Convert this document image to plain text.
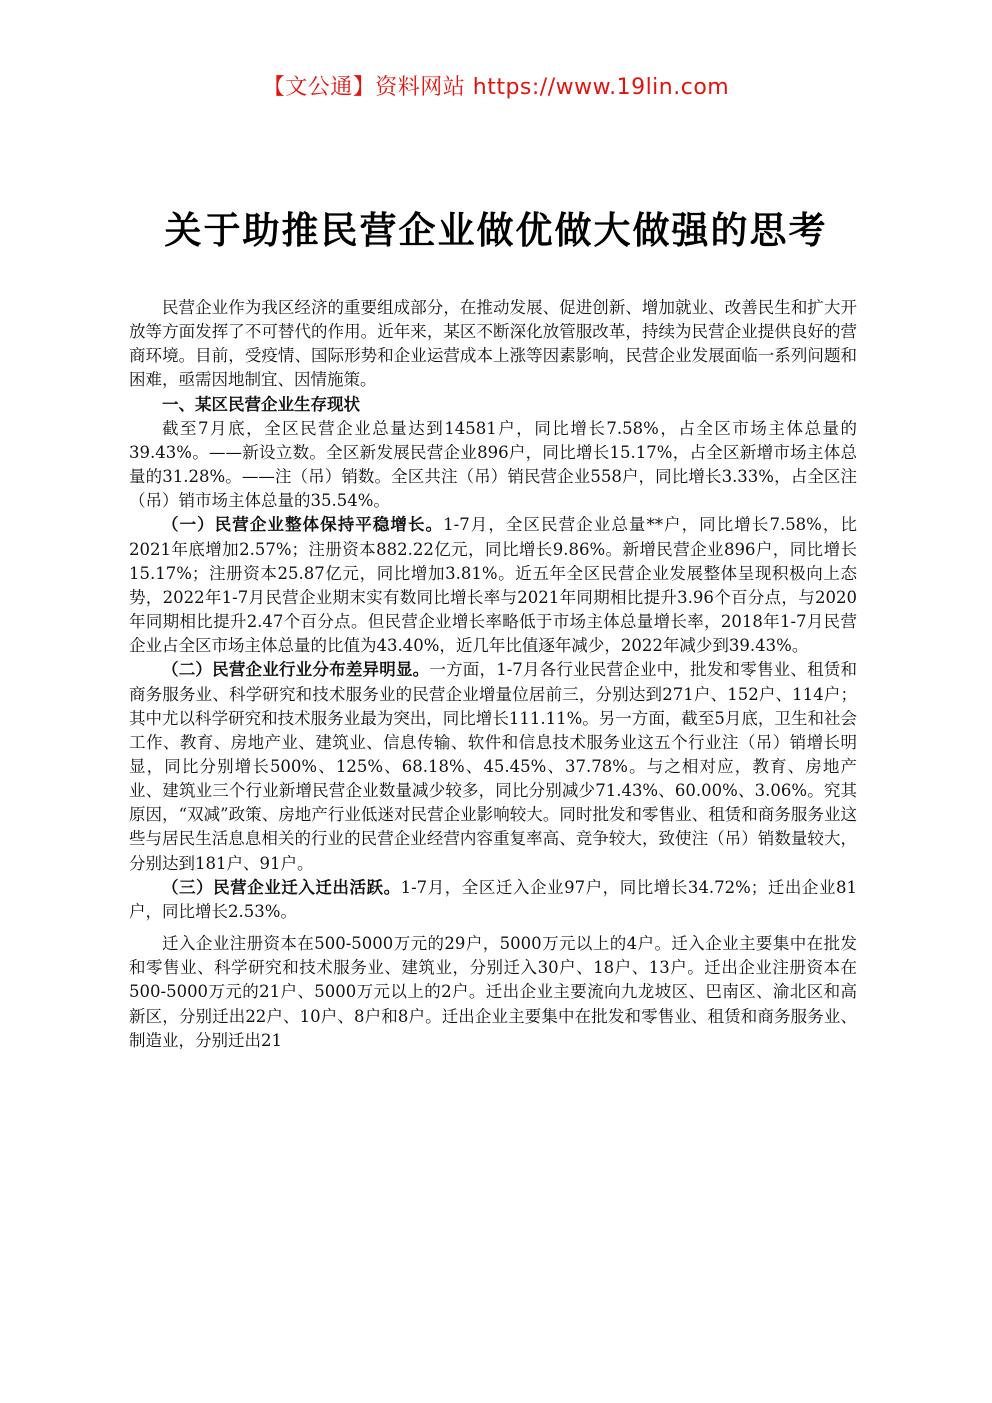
【文公通】资料网站 https://www.19lin.com
关于助推民营企业做优做大做强的思考

民营企业作为我区经济的重要组成部分，在推动发展、促进创新、增加就业、改善民生和扩大开放等方面发挥了不可替代的作用。近年来，某区不断深化放管服改革，持续为民营企业提供良好的营商环境。目前，受疫情、国际形势和企业运营成本上涨等因素影响，民营企业发展面临一系列问题和困难，亟需因地制宜、因情施策。

一、某区民营企业生存现状

截至7月底，全区民营企业总量达到14581户，同比增长7.58%，占全区市场主体总量的39.43%。——新设立数。全区新发展民营企业896户，同比增长15.17%，占全区新增市场主体总量的31.28%。——注（吊）销数。全区共注（吊）销民营企业558户，同比增长3.33%，占全区注（吊）销市场主体总量的35.54%。

（一）民营企业整体保持平稳增长。1-7月，全区民营企业总量**户，同比增长7.58%，比2021年底增加2.57%；注册资本882.22亿元，同比增长9.86%。新增民营企业896户，同比增长15.17%；注册资本25.87亿元，同比增加3.81%。近五年全区民营企业发展整体呈现积极向上态势，2022年1-7月民营企业期末实有数同比增长率与2021年同期相比提升3.96个百分点，与2020年同期相比提升2.47个百分点。但民营企业增长率略低于市场主体总量增长率，2018年1-7月民营企业占全区市场主体总量的比值为43.40%，近几年比值逐年减少，2022年减少到39.43%。

（二）民营企业行业分布差异明显。一方面，1-7月各行业民营企业中，批发和零售业、租赁和商务服务业、科学研究和技术服务业的民营企业增量位居前三，分别达到271户、152户、114户；其中尤以科学研究和技术服务业最为突出，同比增长111.11%。另一方面，截至5月底，卫生和社会工作、教育、房地产业、建筑业、信息传输、软件和信息技术服务业这五个行业注（吊）销增长明显，同比分别增长500%、125%、68.18%、45.45%、37.78%。与之相对应，教育、房地产业、建筑业三个行业新增民营企业数量减少较多，同比分别减少71.43%、60.00%、3.06%。究其原因，“双减”政策、房地产行业低迷对民营企业影响较大。同时批发和零售业、租赁和商务服务业这些与居民生活息息相关的行业的民营企业经营内容重复率高、竞争较大，致使注（吊）销数量较大，分别达到181户、91户。

（三）民营企业迁入迁出活跃。1-7月，全区迁入企业97户，同比增长34.72%；迁出企业81户，同比增长2.53%。

迁入企业注册资本在500-5000万元的29户，5000万元以上的4户。迁入企业主要集中在批发和零售业、科学研究和技术服务业、建筑业，分别迁入30户、18户、13户。迁出企业注册资本在500-5000万元的21户、5000万元以上的2户。迁出企业主要流向九龙坡区、巴南区、渝北区和高新区，分别迁出22户、10户、8户和8户。迁出企业主要集中在批发和零售业、租赁和商务服务业、制造业，分别迁出21
